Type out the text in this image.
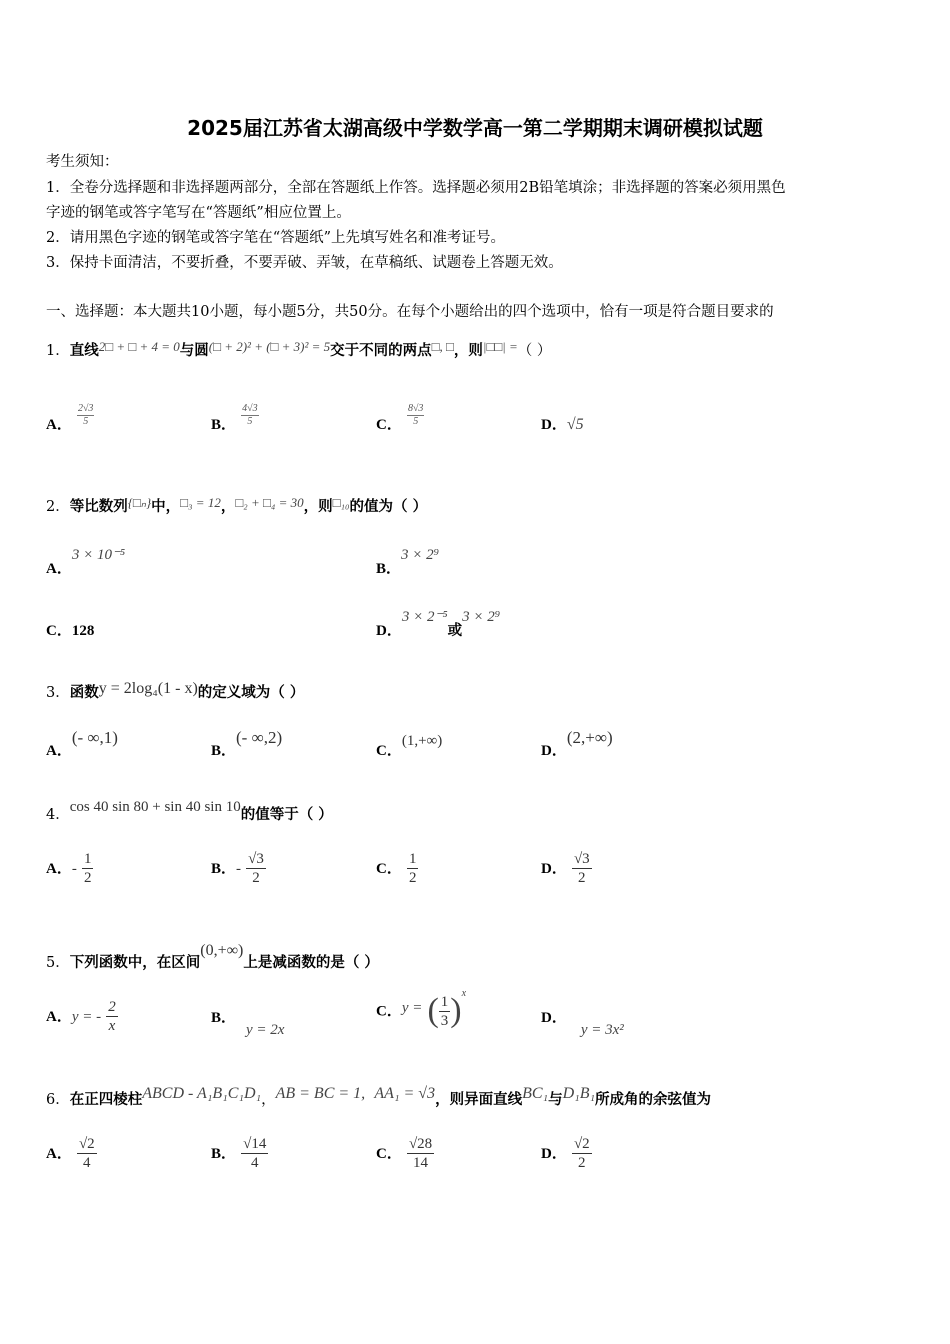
2025届江苏省太湖高级中学数学高一第二学期期末调研模拟试题
考生须知：
1．全卷分选择题和非选择题两部分，全部在答题纸上作答。选择题必须用2B铅笔填涂；非选择题的答案必须用黑色
字迹的钢笔或答字笔写在“答题纸”相应位置上。
2．请用黑色字迹的钢笔或答字笔在“答题纸”上先填写姓名和准考证号。
3．保持卡面清洁，不要折叠，不要弄破、弄皱，在草稿纸、试题卷上答题无效。
一、选择题：本大题共10小题，每小题5分，共50分。在每个小题给出的四个选项中，恰有一项是符合题目要求的
1．直线2□ + □ + 4 = 0与圆(□ + 2)² + (□ + 3)² = 5交于不同的两点□, □，则|□□| =（ ）
A． $\frac{2√3}{5}$	B． $\frac{4√3}{5}$	C． $\frac{8√3}{5}$	D．√5
2．等比数列{□ₙ}中，□₃ = 12，□₂ + □₄ = 30，则□₁₀的值为（ ）
A．3 × 10⁻⁵
B．3 × 2⁹
C．128	D．3 × 2⁻⁵或3 × 2⁹
3．函数y = 2log₄(1 - x)的定义域为（ ）
A．(- ∞,1)
B．(- ∞,2)
C．(1,+∞)
D．(2,+∞)
4．cos 40 sin 80 + sin 40 sin 10的值等于（ ）
A．- $\frac{1}{2}$	B．- $\frac{√3}{2}$	C． $\frac{1}{2}$	D． $\frac{√3}{2}$
5．下列函数中，在区间(0,+∞)上是减函数的是（ ）
A．y = - $\frac{2}{x}$	B．y = 2x
C．y = ( $\frac{1}{3} )^x$
D．y = 3x²
6．在正四棱柱ABCD - A₁B₁C₁D₁，AB = BC = 1, AA₁ = √3，则异面直线BC₁与D₁B₁所成角的余弦值为
A． $\frac{√2}{4}$	B． $\frac{√14}{4}$	C． $\frac{√28}{14}$	D． $\frac{√2}{2}$
